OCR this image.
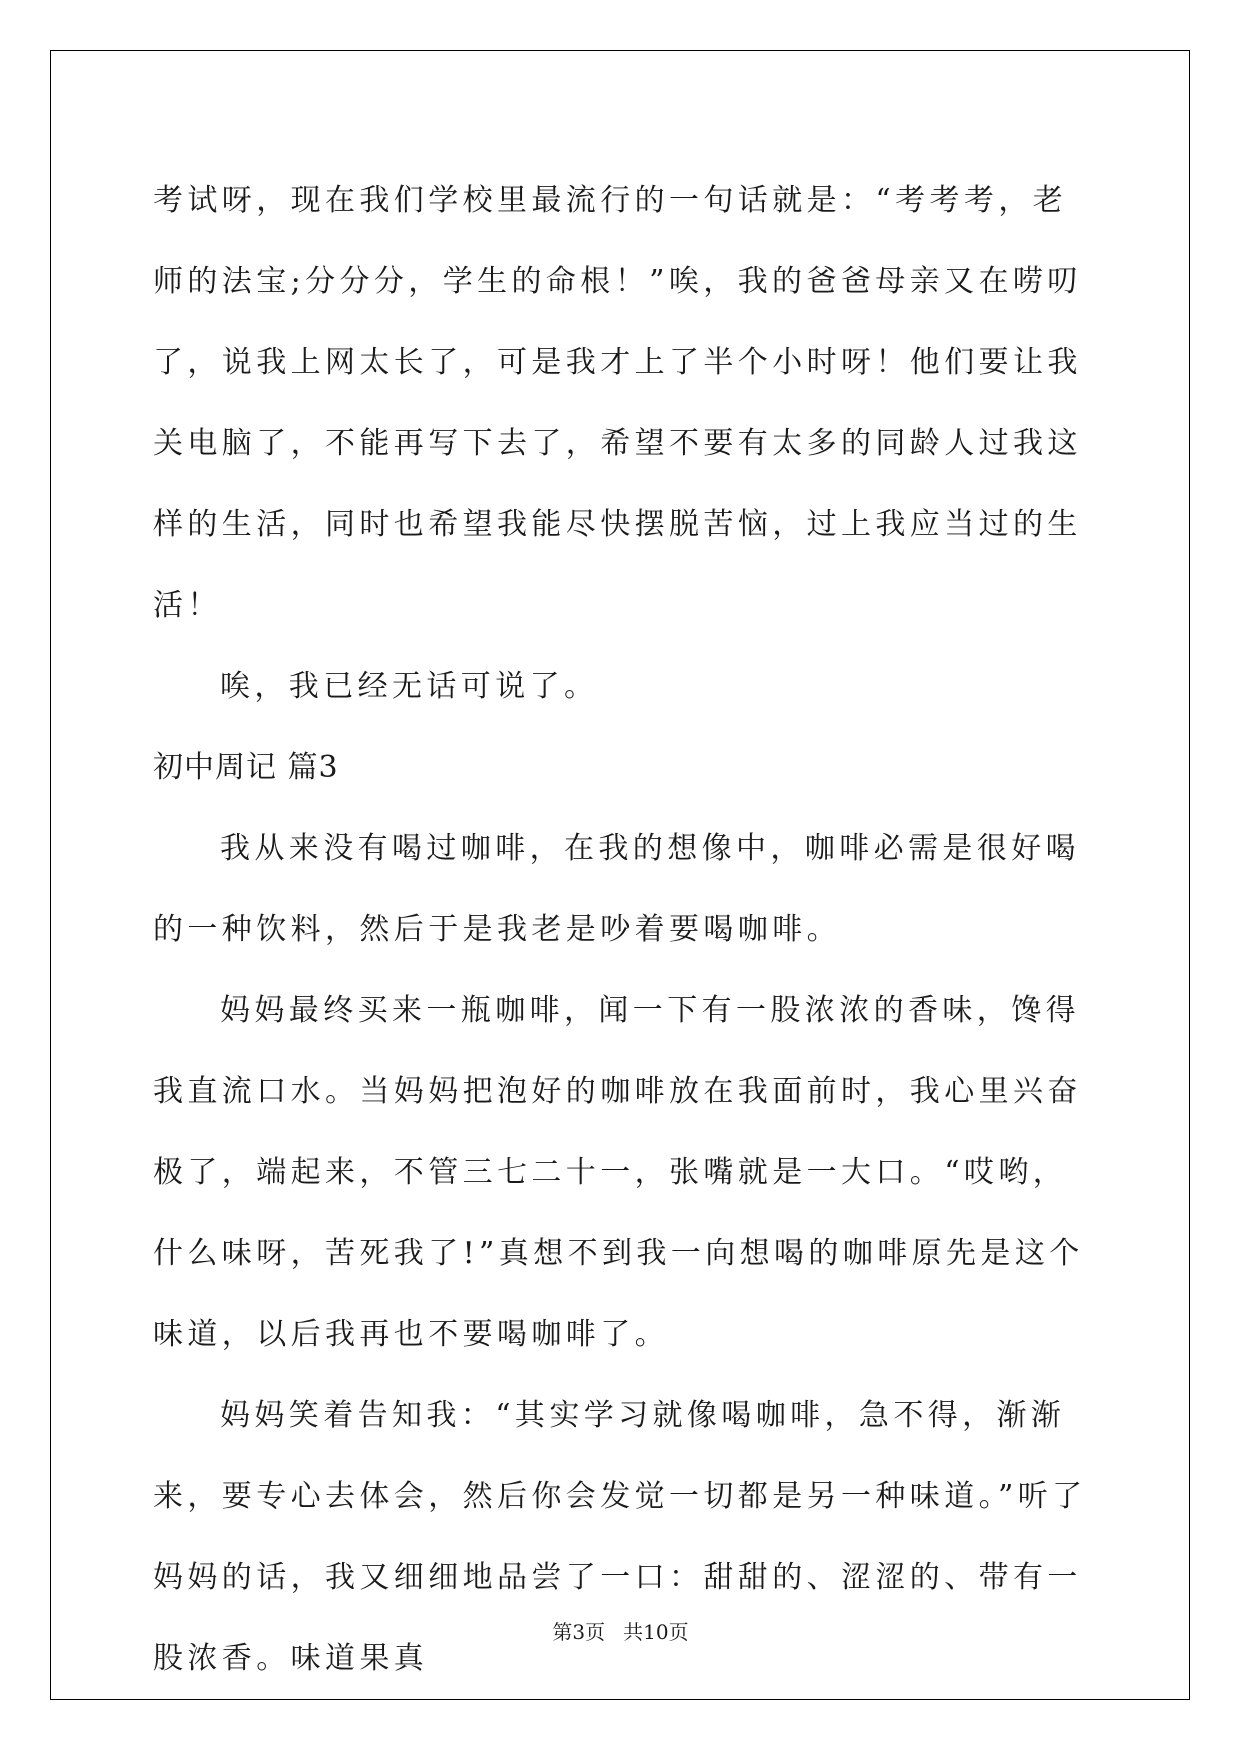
考试呀，现在我们学校里最流行的一句话就是：“考考考，老师的法宝;分分分，学生的命根！”唉，我的爸爸母亲又在唠叨了，说我上网太长了，可是我才上了半个小时呀！他们要让我关电脑了，不能再写下去了，希望不要有太多的同龄人过我这样的生活，同时也希望我能尽快摆脱苦恼，过上我应当过的生活！

唉，我已经无话可说了。

初中周记 篇3

我从来没有喝过咖啡，在我的想像中，咖啡必需是很好喝的一种饮料，然后于是我老是吵着要喝咖啡。

妈妈最终买来一瓶咖啡，闻一下有一股浓浓的香味，馋得我直流口水。当妈妈把泡好的咖啡放在我面前时，我心里兴奋极了，端起来，不管三七二十一，张嘴就是一大口。“哎哟，什么味呀，苦死我了!”真想不到我一向想喝的咖啡原先是这个味道，以后我再也不要喝咖啡了。

妈妈笑着告知我：“其实学习就像喝咖啡，急不得，渐渐来，要专心去体会，然后你会发觉一切都是另一种味道。”听了妈妈的话，我又细细地品尝了一口：甜甜的、涩涩的、带有一股浓香。味道果真

第3页 共10页
